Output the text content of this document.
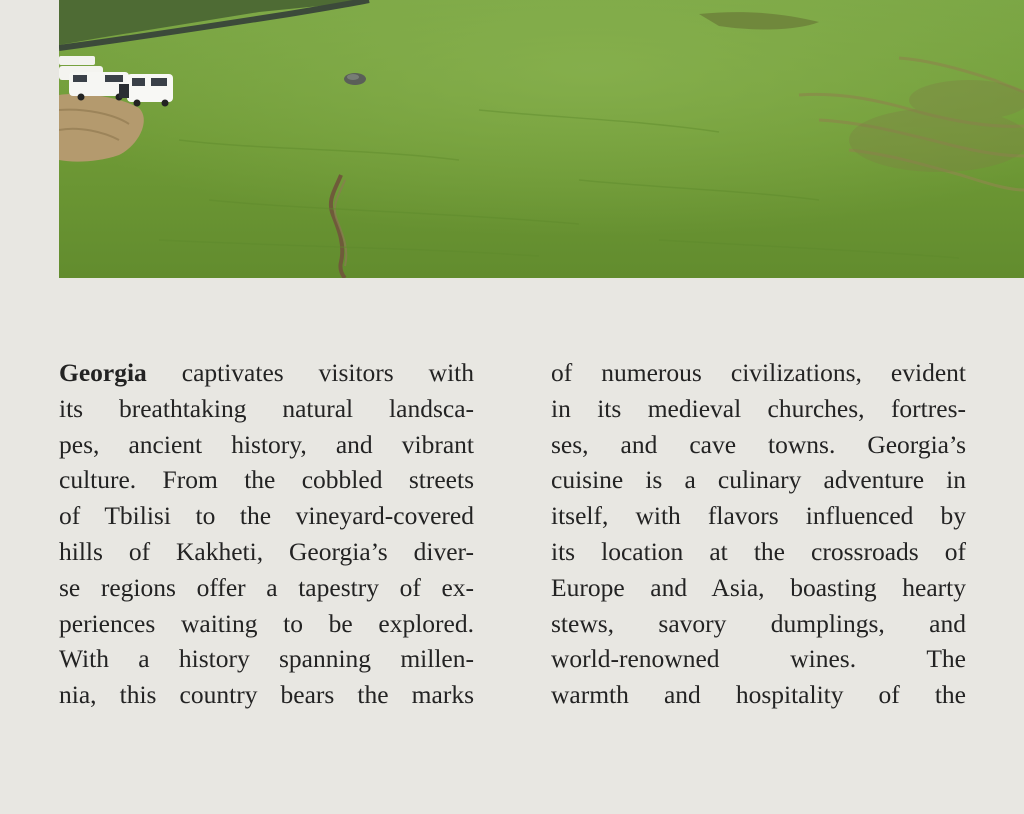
Georgia captivates visitors with
its breathtaking natural landsca-
pes, ancient history, and vibrant
culture. From the cobbled streets
of Tbilisi to the vineyard-covered
hills of Kakheti, Georgia’s diver-
se regions offer a tapestry of ex-
periences waiting to be explored.
With a history spanning millen-
nia, this country bears the marks
of numerous civilizations, evident
in its medieval churches, fortres-
ses, and cave towns. Georgia’s
cuisine is a culinary adventure in
itself, with flavors influenced by
its location at the crossroads of
Europe and Asia, boasting hearty
stews, savory dumplings, and
world-renowned wines. The
warmth and hospitality of the
